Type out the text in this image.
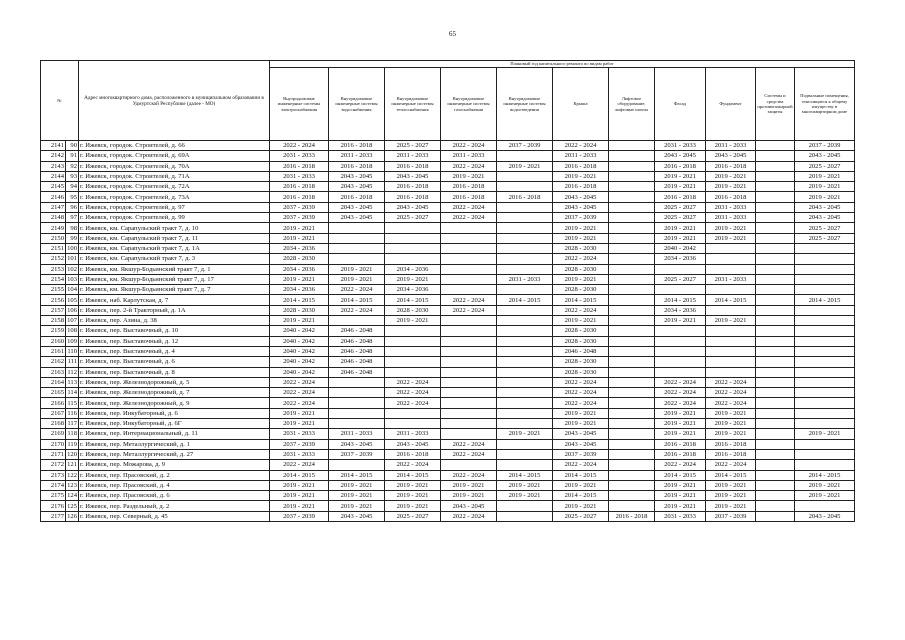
65
№		Адрес многоквартирного дома, расположенного в муниципальном образовании в Удмуртской Республике (далее - МО)	Плановый год капитального ремонта по видам работ										
			Внутридомовые инженерные системы электроснабжения	Внутридомовые инженерные системы водоснабжения	Внутридомовые инженерные системы теплоснабжения	Внутридомовые инженерные системы газоснабжения	Внутридомовые инженерные системы водоотведения	Крыша	Лифтовое оборудование, лифтовые шахты	Фасад	Фундамент	Системы и средства противопожарной защиты	Подвальные помещения, относящиеся к общему имуществу в многоквартирном доме
2141	90	г. Ижевск, городок. Строителей, д. 66	2022 - 2024	2016 - 2018	2025 - 2027	2022 - 2024	2037 - 2039	2022 - 2024		2031 - 2033	2031 - 2033		2037 - 2039
2142	91	г. Ижевск, городок. Строителей, д. 69А	2031 - 2033	2031 - 2033	2031 - 2033	2031 - 2033		2031 - 2033		2043 - 2045	2043 - 2045		2043 - 2045
2143	92	г. Ижевск, городок. Строителей, д. 70А	2016 - 2018	2016 - 2018	2016 - 2018	2022 - 2024	2019 - 2021	2016 - 2018		2016 - 2018	2016 - 2018		2025 - 2027
2144	93	г. Ижевск, городок. Строителей, д. 71А	2031 - 2033	2043 - 2045	2043 - 2045	2019 - 2021		2019 - 2021		2019 - 2021	2019 - 2021		2019 - 2021
2145	94	г. Ижевск, городок. Строителей, д. 72А	2016 - 2018	2043 - 2045	2016 - 2018	2016 - 2018		2016 - 2018		2019 - 2021	2019 - 2021		2019 - 2021
2146	95	г. Ижевск, городок. Строителей, д. 73А	2016 - 2018	2016 - 2018	2016 - 2018	2016 - 2018	2016 - 2018	2043 - 2045		2016 - 2018	2016 - 2018		2019 - 2021
2147	96	г. Ижевск, городок. Строителей, д. 97	2037 - 2039	2043 - 2045	2043 - 2045	2022 - 2024		2043 - 2045		2025 - 2027	2031 - 2033		2043 - 2045
2148	97	г. Ижевск, городок. Строителей, д. 99	2037 - 2039	2043 - 2045	2025 - 2027	2022 - 2024		2037 - 2039		2025 - 2027	2031 - 2033		2043 - 2045
2149	98	г. Ижевск, км. Сарапульский тракт 7, д. 10	2019 - 2021					2019 - 2021		2019 - 2021	2019 - 2021		2025 - 2027
2150	99	г. Ижевск, км. Сарапульский тракт 7, д. 11	2019 - 2021					2019 - 2021		2019 - 2021	2019 - 2021		2025 - 2027
2151	100	г. Ижевск, км. Сарапульский тракт 7, д. 1А	2034 - 2036					2028 - 2030		2040 - 2042			
2152	101	г. Ижевск, км. Сарапульский тракт 7, д. 3	2028 - 2030					2022 - 2024		2034 - 2036			
2153	102	г. Ижевск, км. Якшур-Бодьинский тракт 7, д. 1	2034 - 2036	2019 - 2021	2034 - 2036			2028 - 2030					
2154	103	г. Ижевск, км. Якшур-Бодьинский тракт 7, д. 17	2019 - 2021	2019 - 2021	2019 - 2021		2031 - 2033	2019 - 2021		2025 - 2027	2031 - 2033		
2155	104	г. Ижевск, км. Якшур-Бодьинский тракт 7, д. 7	2034 - 2036	2022 - 2024	2034 - 2036			2028 - 2030					
2156	105	г. Ижевск, наб. Карлутская, д. 7	2014 - 2015	2014 - 2015	2014 - 2015	2022 - 2024	2014 - 2015	2014 - 2015		2014 - 2015	2014 - 2015		2014 - 2015
2157	106	г. Ижевск, пер. 2-й Тракторный, д. 1А	2028 - 2030	2022 - 2024	2028 - 2030	2022 - 2024		2022 - 2024		2034 - 2036			
2158	107	г. Ижевск, пер. Азина, д. 38	2019 - 2021		2019 - 2021			2019 - 2021		2019 - 2021	2019 - 2021		
2159	108	г. Ижевск, пер. Выставочный, д. 10	2040 - 2042	2046 - 2048				2028 - 2030					
2160	109	г. Ижевск, пер. Выставочный, д. 12	2040 - 2042	2046 - 2048				2028 - 2030					
2161	110	г. Ижевск, пер. Выставочный, д. 4	2040 - 2042	2046 - 2048				2046 - 2048					
2162	111	г. Ижевск, пер. Выставочный, д. 6	2040 - 2042	2046 - 2048				2028 - 2030					
2163	112	г. Ижевск, пер. Выставочный, д. 8	2040 - 2042	2046 - 2048				2028 - 2030					
2164	113	г. Ижевск, пер. Железнодорожный, д. 5	2022 - 2024		2022 - 2024			2022 - 2024		2022 - 2024	2022 - 2024		
2165	114	г. Ижевск, пер. Железнодорожный, д. 7	2022 - 2024		2022 - 2024			2022 - 2024		2022 - 2024	2022 - 2024		
2166	115	г. Ижевск, пер. Железнодорожный, д. 9	2022 - 2024		2022 - 2024			2022 - 2024		2022 - 2024	2022 - 2024		
2167	116	г. Ижевск, пер. Инкубаторный, д. 6	2019 - 2021					2019 - 2021		2019 - 2021	2019 - 2021		
2168	117	г. Ижевск, пер. Инкубаторный, д. 6Г	2019 - 2021					2019 - 2021		2019 - 2021	2019 - 2021		
2169	118	г. Ижевск, пер. Интернациональный, д. 11	2031 - 2033	2031 - 2033	2031 - 2033		2019 - 2021	2043 - 2045		2019 - 2021	2019 - 2021		2019 - 2021
2170	119	г. Ижевск, пер. Металлургический, д. 1	2037 - 2039	2043 - 2045	2043 - 2045	2022 - 2024		2043 - 2045		2016 - 2018	2016 - 2018		
2171	120	г. Ижевск, пер. Металлургический, д. 27	2031 - 2033	2037 - 2039	2016 - 2018	2022 - 2024		2037 - 2039		2016 - 2018	2016 - 2018		
2172	121	г. Ижевск, пер. Можарова, д. 9	2022 - 2024		2022 - 2024			2022 - 2024		2022 - 2024	2022 - 2024		
2173	122	г. Ижевск, пер. Прасовский, д. 2	2014 - 2015	2014 - 2015	2014 - 2015	2022 - 2024	2014 - 2015	2014 - 2015		2014 - 2015	2014 - 2015		2014 - 2015
2174	123	г. Ижевск, пер. Прасовский, д. 4	2019 - 2021	2019 - 2021	2019 - 2021	2019 - 2021	2019 - 2021	2019 - 2021		2019 - 2021	2019 - 2021		2019 - 2021
2175	124	г. Ижевск, пер. Прасовский, д. 6	2019 - 2021	2019 - 2021	2019 - 2021	2019 - 2021	2019 - 2021	2014 - 2015		2019 - 2021	2019 - 2021		2019 - 2021
2176	125	г. Ижевск, пер. Раздельный, д. 2	2019 - 2021	2019 - 2021	2019 - 2021	2043 - 2045		2019 - 2021		2019 - 2021	2019 - 2021		
2177	126	г. Ижевск, пер. Северный, д. 45	2037 - 2039	2043 - 2045	2025 - 2027	2022 - 2024		2025 - 2027	2016 - 2018	2031 - 2033	2037 - 2039		2043 - 2045
